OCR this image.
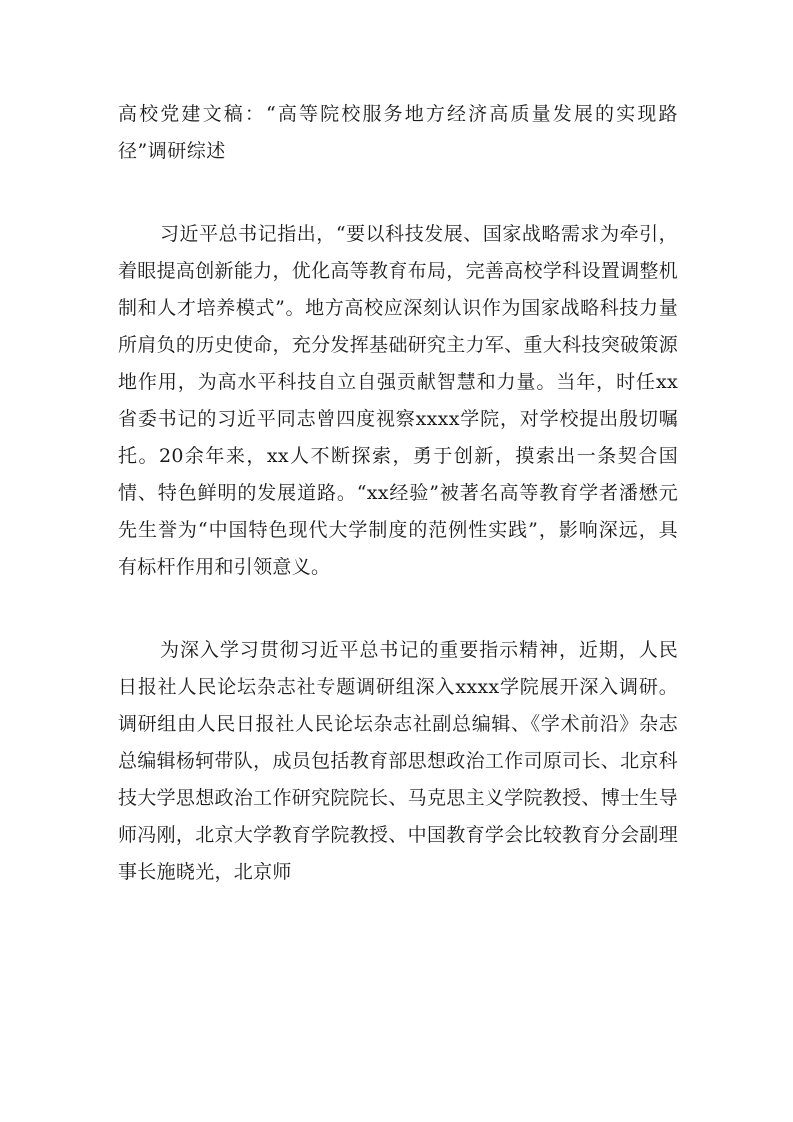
高校党建文稿：“高等院校服务地方经济高质量发展的实现路径”调研综述

习近平总书记指出，“要以科技发展、国家战略需求为牵引，着眼提高创新能力，优化高等教育布局，完善高校学科设置调整机制和人才培养模式”。地方高校应深刻认识作为国家战略科技力量所肩负的历史使命，充分发挥基础研究主力军、重大科技突破策源地作用，为高水平科技自立自强贡献智慧和力量。当年，时任xx省委书记的习近平同志曾四度视察xxxx学院，对学校提出殷切嘱托。20余年来，xx人不断探索，勇于创新，摸索出一条契合国情、特色鲜明的发展道路。“xx经验”被著名高等教育学者潘懋元先生誉为“中国特色现代大学制度的范例性实践”，影响深远，具有标杆作用和引领意义。

为深入学习贯彻习近平总书记的重要指示精神，近期，人民日报社人民论坛杂志社专题调研组深入xxxx学院展开深入调研。调研组由人民日报社人民论坛杂志社副总编辑、《学术前沿》杂志总编辑杨轲带队，成员包括教育部思想政治工作司原司长、北京科技大学思想政治工作研究院院长、马克思主义学院教授、博士生导师冯刚，北京大学教育学院教授、中国教育学会比较教育分会副理事长施晓光，北京师
